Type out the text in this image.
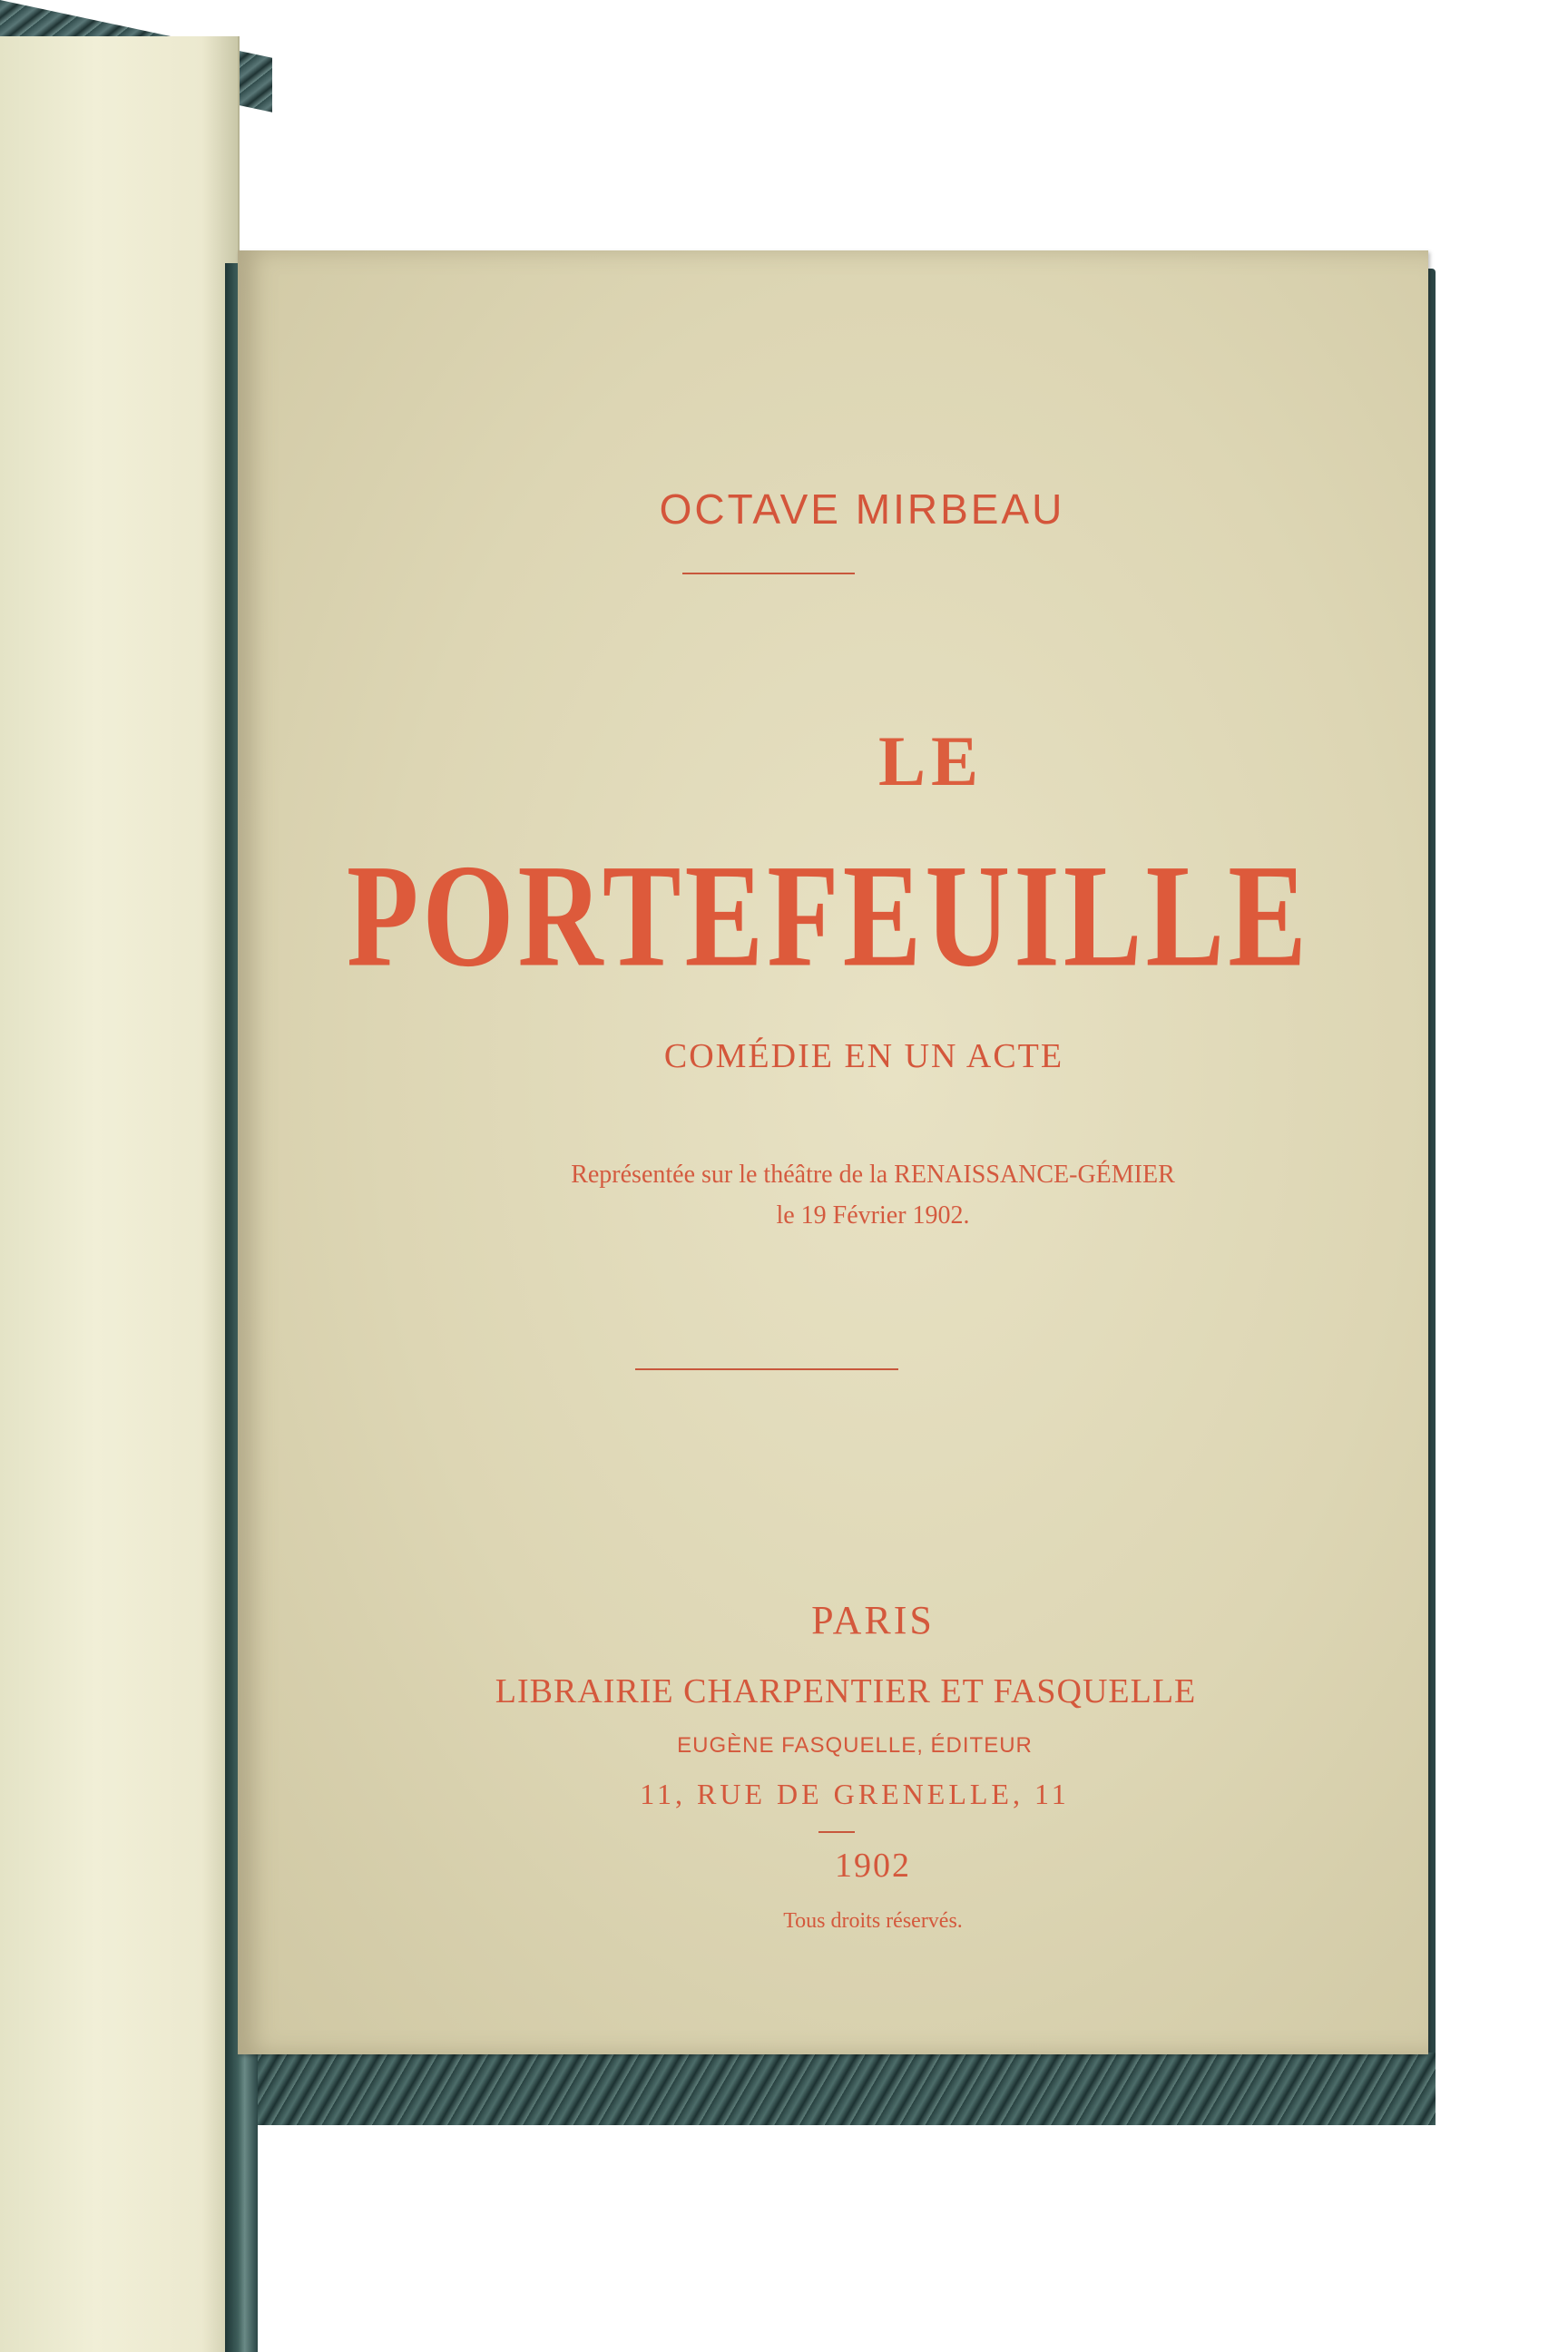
OCTAVE MIRBEAU
LE
PORTEFEUILLE
COMÉDIE EN UN ACTE
Représentée sur le théâtre de la RENAISSANCE-GÉMIER
le 19 Février 1902.
PARIS
LIBRAIRIE CHARPENTIER ET FASQUELLE
EUGÈNE FASQUELLE, ÉDITEUR
11, RUE DE GRENELLE, 11
1902
Tous droits réservés.
